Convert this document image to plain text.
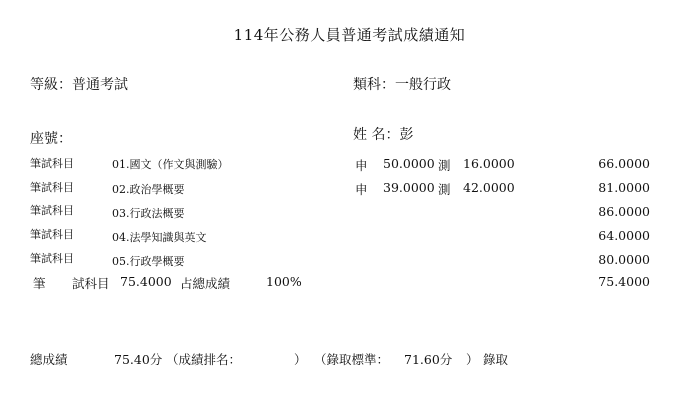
114年公務人員普通考試成績通知
等級：普通考試	類科：一般行政
座號：	姓 名：彭
筆試科目	01.國文（作文與測驗）	申 50.0000 測 16.0000	66.0000
筆試科目	02.政治學概要	申 39.0000 測 42.0000	81.0000
筆試科目	03.行政法概要	86.0000
筆試科目	04.法學知識與英文	64.0000
筆試科目	05.行政學概要	80.0000
筆 試科目 75.4000 占總成績	100%	75.4000
總成績	75.40分 （成績排名：	） （錄取標準： 71.60分 ） 錄取
